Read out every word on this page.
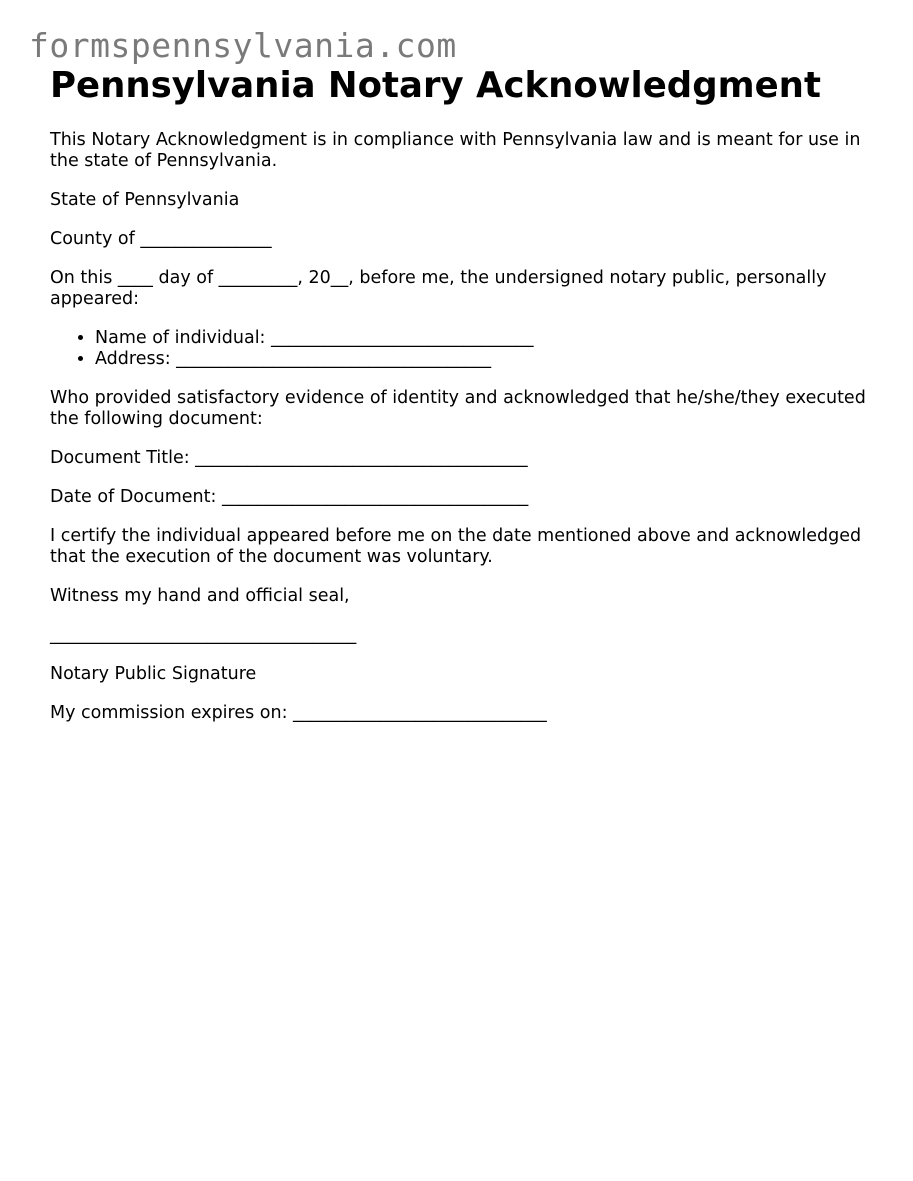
formspennsylvania.com
Pennsylvania Notary Acknowledgment

This Notary Acknowledgment is in compliance with Pennsylvania law and is meant for use in the state of Pennsylvania.

State of Pennsylvania

County of _______________

On this ____ day of _________, 20__, before me, the undersigned notary public, personally appeared:

• Name of individual: ______________________________
• Address: ____________________________________

Who provided satisfactory evidence of identity and acknowledged that he/she/they executed the following document:

Document Title: ______________________________________

Date of Document: ___________________________________

I certify the individual appeared before me on the date mentioned above and acknowledged that the execution of the document was voluntary.

Witness my hand and official seal,

___________________________________

Notary Public Signature

My commission expires on: _____________________________
